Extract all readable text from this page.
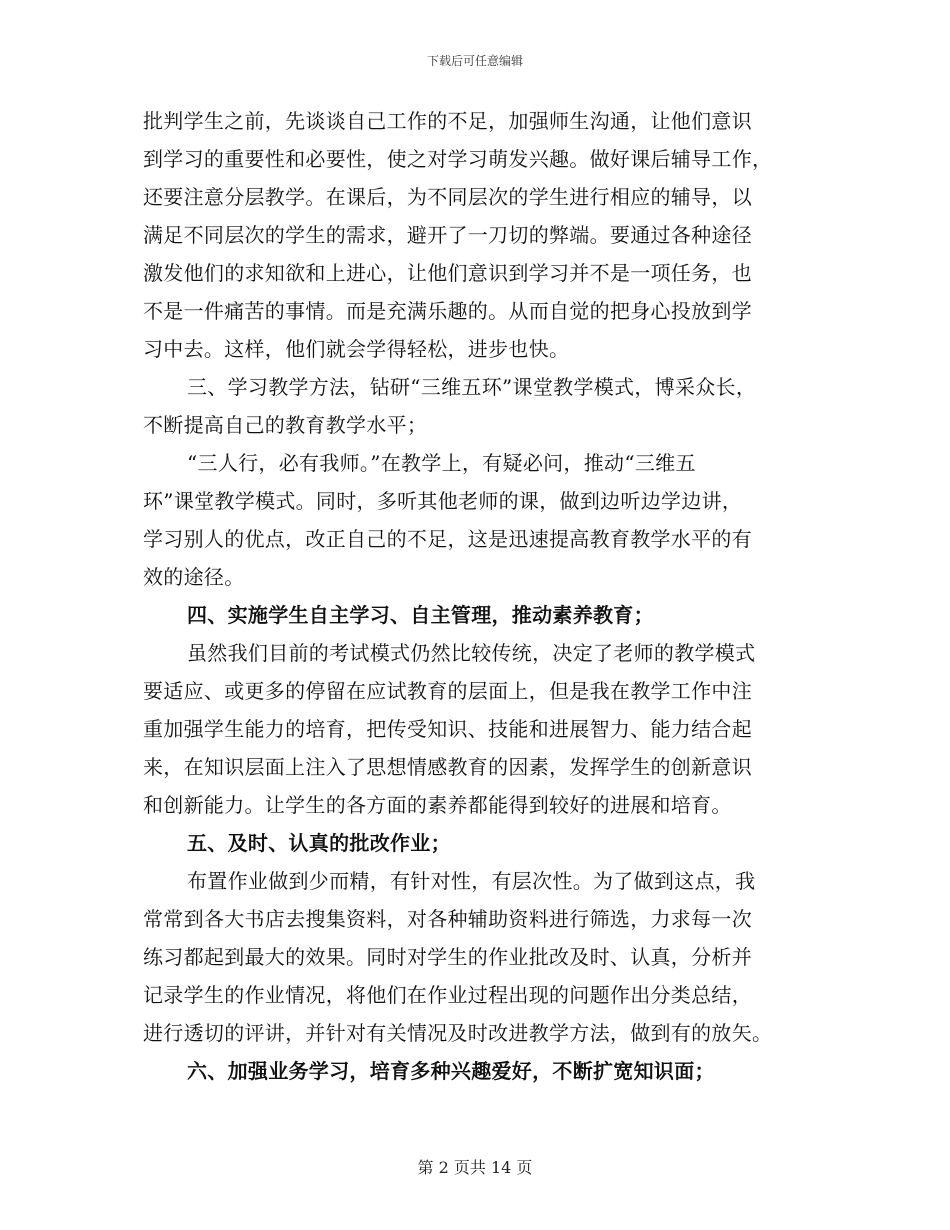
下载后可任意编辑
批判学生之前，先谈谈自己工作的不足，加强师生沟通，让他们意识
到学习的重要性和必要性，使之对学习萌发兴趣。做好课后辅导工作，
还要注意分层教学。在课后，为不同层次的学生进行相应的辅导，以
满足不同层次的学生的需求，避开了一刀切的弊端。要通过各种途径
激发他们的求知欲和上进心，让他们意识到学习并不是一项任务，也
不是一件痛苦的事情。而是充满乐趣的。从而自觉的把身心投放到学
习中去。这样，他们就会学得轻松，进步也快。
三、学习教学方法，钻研“三维五环”课堂教学模式，博采众长，
不断提高自己的教育教学水平；
“三人行，必有我师。”在教学上，有疑必问，推动“三维五
环”课堂教学模式。同时，多听其他老师的课，做到边听边学边讲，
学习别人的优点，改正自己的不足，这是迅速提高教育教学水平的有
效的途径。
四、实施学生自主学习、自主管理，推动素养教育；
虽然我们目前的考试模式仍然比较传统，决定了老师的教学模式
要适应、或更多的停留在应试教育的层面上，但是我在教学工作中注
重加强学生能力的培育，把传受知识、技能和进展智力、能力结合起
来，在知识层面上注入了思想情感教育的因素，发挥学生的创新意识
和创新能力。让学生的各方面的素养都能得到较好的进展和培育。
五、及时、认真的批改作业；
布置作业做到少而精，有针对性，有层次性。为了做到这点，我
常常到各大书店去搜集资料，对各种辅助资料进行筛选，力求每一次
练习都起到最大的效果。同时对学生的作业批改及时、认真，分析并
记录学生的作业情况，将他们在作业过程出现的问题作出分类总结，
进行透切的评讲，并针对有关情况及时改进教学方法，做到有的放矢。
六、加强业务学习，培育多种兴趣爱好，不断扩宽知识面；
第 2 页共 14 页
